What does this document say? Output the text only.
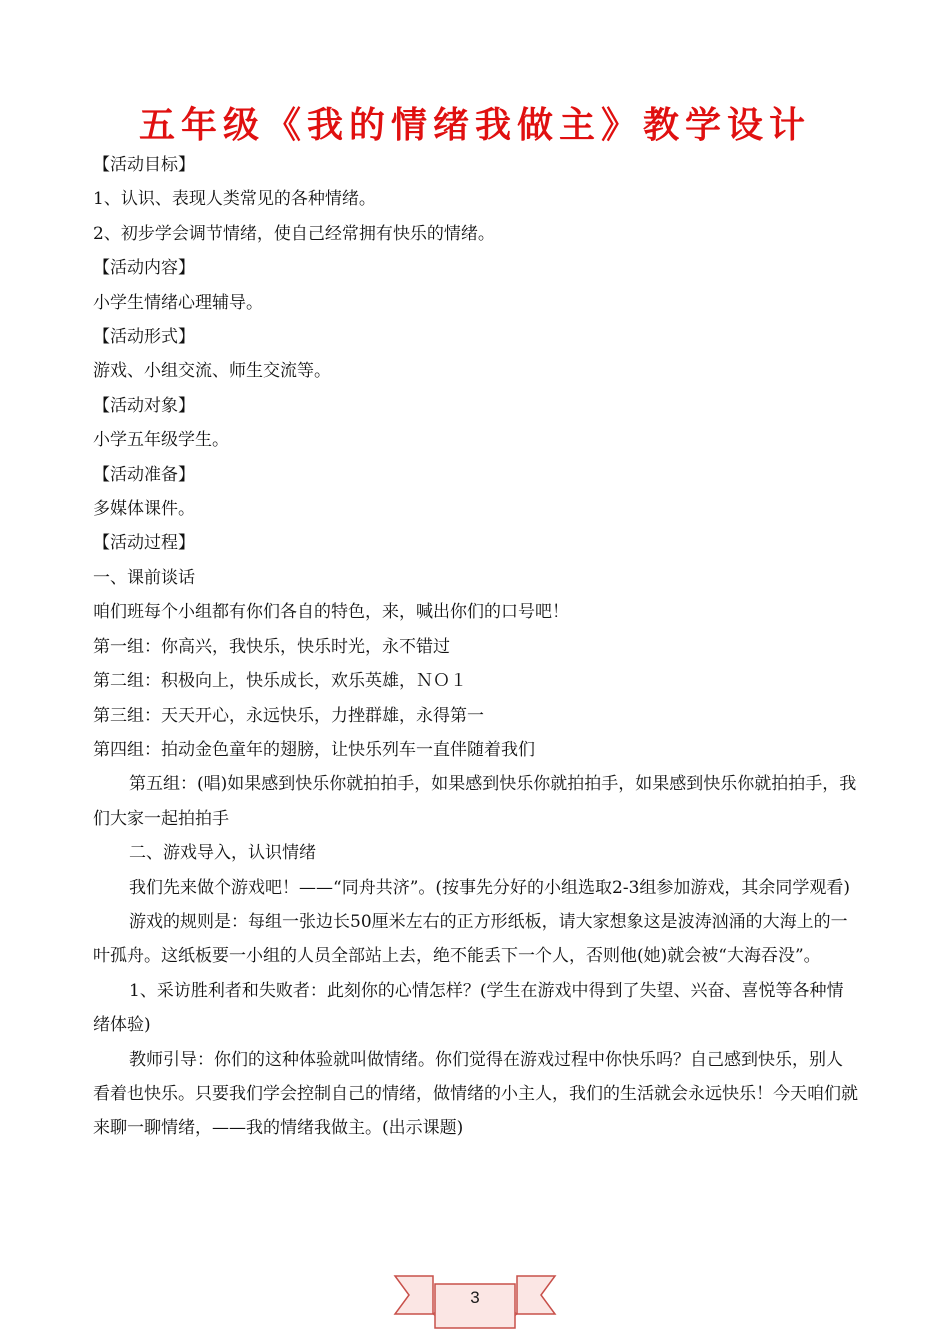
五年级《我的情绪我做主》教学设计

【活动目标】

1、认识、表现人类常见的各种情绪。

2、初步学会调节情绪，使自己经常拥有快乐的情绪。

【活动内容】

小学生情绪心理辅导。

【活动形式】

游戏、小组交流、师生交流等。

【活动对象】

小学五年级学生。

【活动准备】

多媒体课件。

【活动过程】

一、课前谈话

咱们班每个小组都有你们各自的特色，来，喊出你们的口号吧！

第一组：你高兴，我快乐，快乐时光，永不错过

第二组：积极向上，快乐成长，欢乐英雄，ＮＯ１

第三组：天天开心，永远快乐，力挫群雄，永得第一

第四组：拍动金色童年的翅膀，让快乐列车一直伴随着我们

第五组：(唱)如果感到快乐你就拍拍手，如果感到快乐你就拍拍手，如果感到快乐你就拍拍手，我们大家一起拍拍手

二、游戏导入，认识情绪

我们先来做个游戏吧！——“同舟共济”。(按事先分好的小组选取2-3组参加游戏，其余同学观看)

游戏的规则是：每组一张边长50厘米左右的正方形纸板，请大家想象这是波涛汹涌的大海上的一叶孤舟。这纸板要一小组的人员全部站上去，绝不能丢下一个人，否则他(她)就会被“大海吞没”。

1、采访胜利者和失败者：此刻你的心情怎样？(学生在游戏中得到了失望、兴奋、喜悦等各种情绪体验)

教师引导：你们的这种体验就叫做情绪。你们觉得在游戏过程中你快乐吗？自己感到快乐，别人看着也快乐。只要我们学会控制自己的情绪，做情绪的小主人，我们的生活就会永远快乐！今天咱们就来聊一聊情绪，——我的情绪我做主。(出示课题)

3
